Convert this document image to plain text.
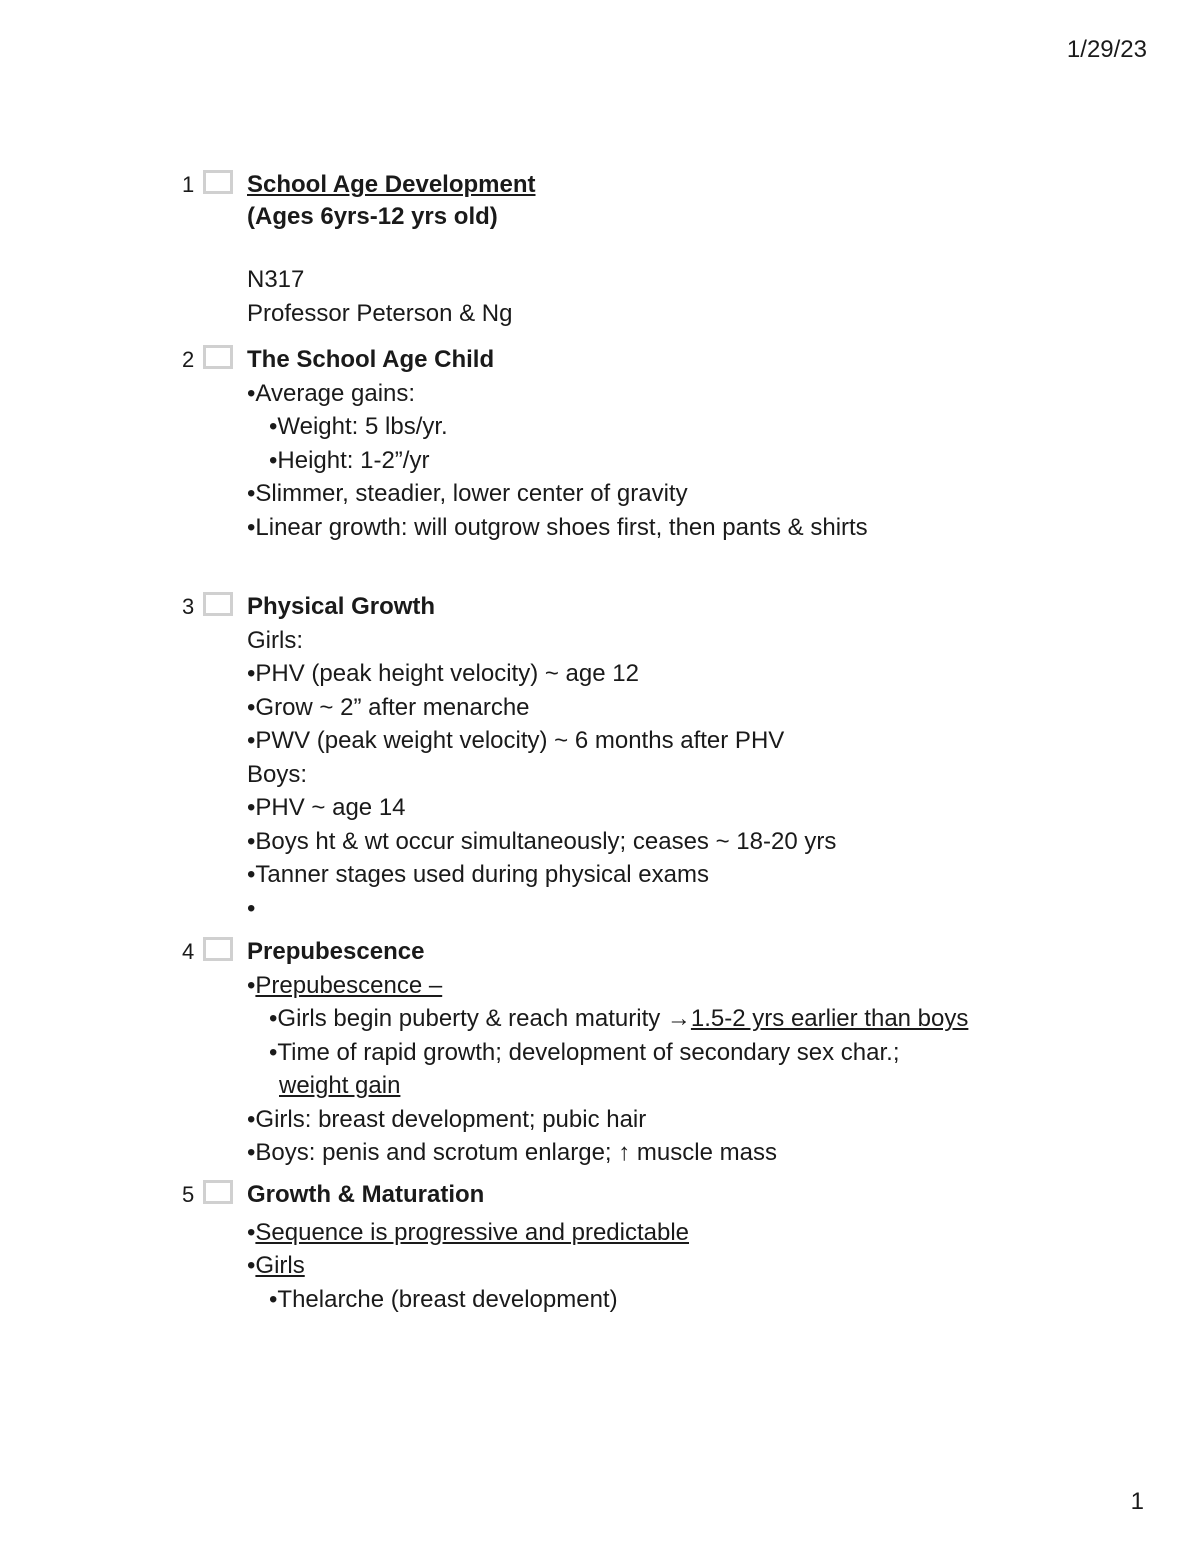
1/29/23
1 School Age Development
(Ages 6yrs-12 yrs old)
N317
Professor Peterson & Ng
2 The School Age Child
•Average gains:
•Weight: 5 lbs/yr.
•Height: 1-2”/yr
•Slimmer, steadier, lower center of gravity
•Linear growth: will outgrow shoes first, then pants & shirts
3 Physical Growth
Girls:
•PHV (peak height velocity) ~ age 12
•Grow ~ 2” after menarche
•PWV (peak weight velocity) ~ 6 months after PHV
Boys:
•PHV ~ age 14
•Boys ht & wt occur simultaneously; ceases ~ 18-20 yrs
•Tanner stages used during physical exams
•
4 Prepubescence
•Prepubescence –
•Girls begin puberty & reach maturity →1.5-2 yrs earlier than boys
•Time of rapid growth; development of secondary sex char.;
weight gain
•Girls: breast development; pubic hair
•Boys: penis and scrotum enlarge; ↑ muscle mass
5 Growth & Maturation
•Sequence is progressive and predictable
•Girls
•Thelarche (breast development)
1
